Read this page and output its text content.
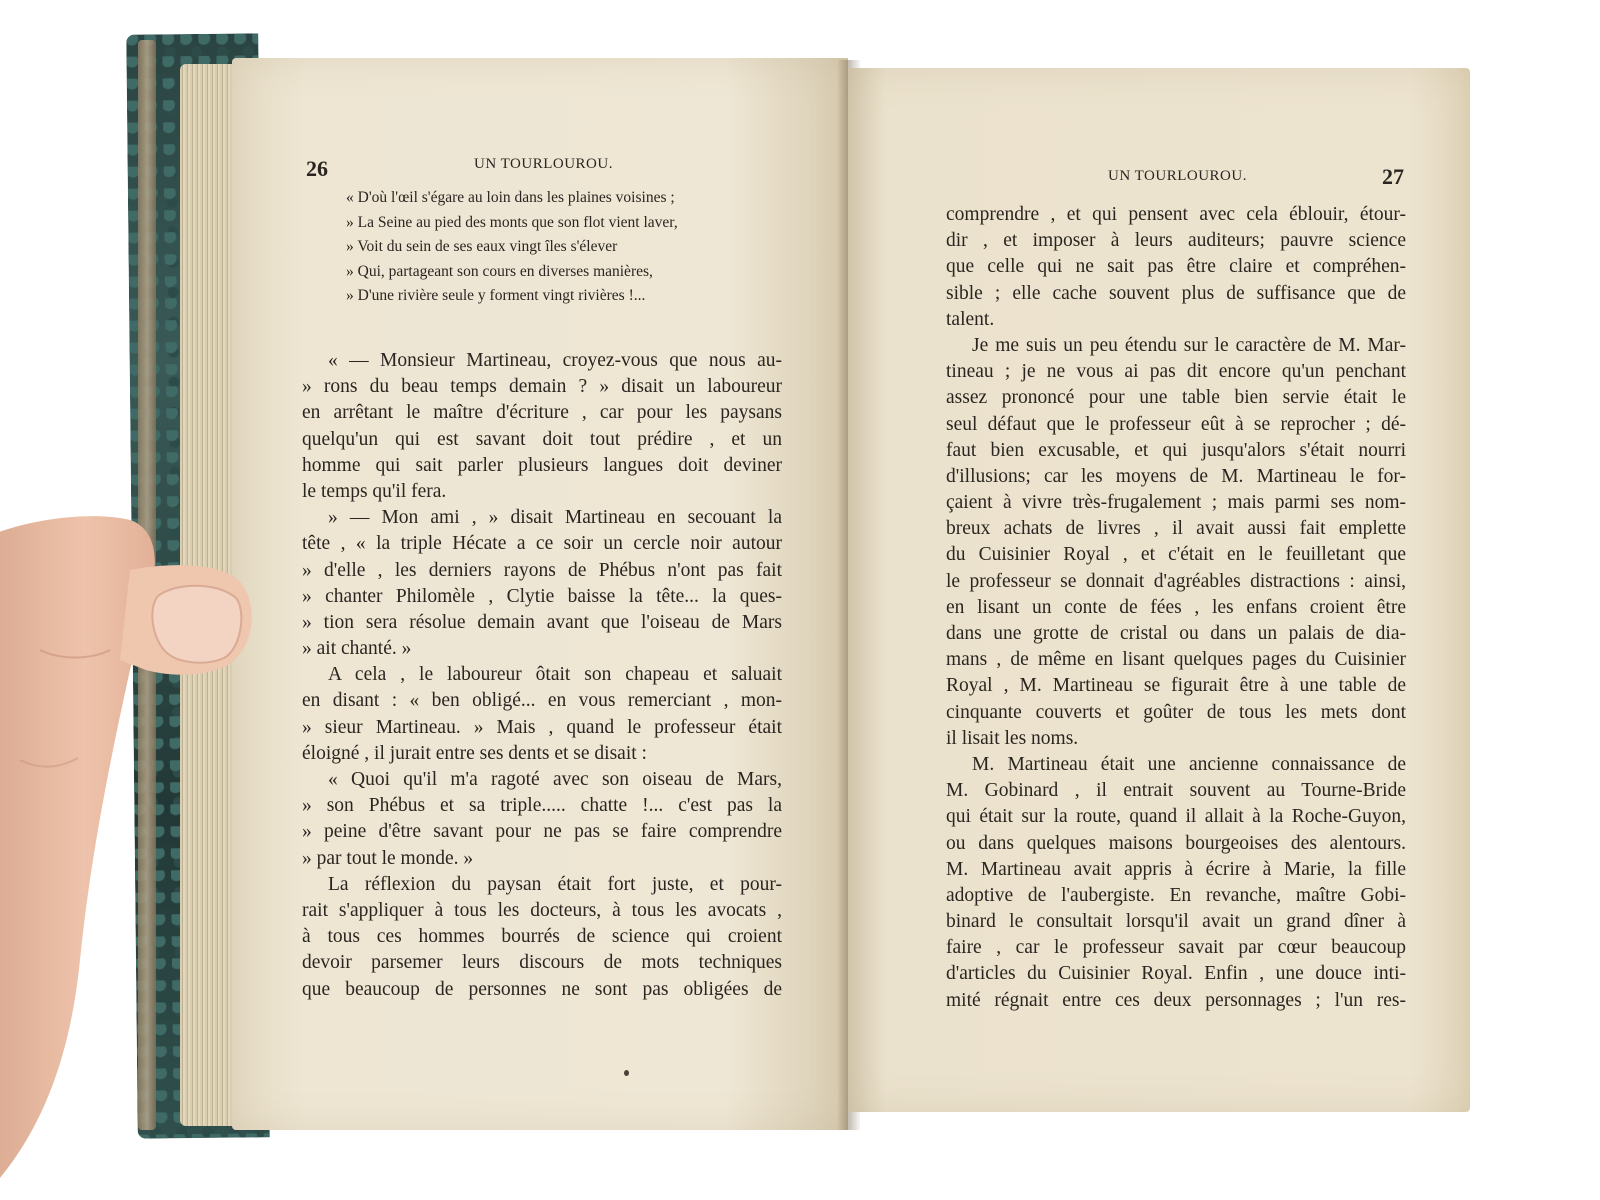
26	UN TOURLOUROU.
« D'où l'œil s'égare au loin dans les plaines voisines ;
» La Seine au pied des monts que son flot vient laver,
» Voit du sein de ses eaux vingt îles s'élever
» Qui, partageant son cours en diverses manières,
» D'une rivière seule y forment vingt rivières !...
« — Monsieur Martineau, croyez-vous que nous au-
» rons du beau temps demain ? » disait un laboureur
en arrêtant le maître d'écriture , car pour les paysans
quelqu'un qui est savant doit tout prédire , et un
homme qui sait parler plusieurs langues doit deviner
le temps qu'il fera.
» — Mon ami , » disait Martineau en secouant la
tête , « la triple Hécate a ce soir un cercle noir autour
» d'elle , les derniers rayons de Phébus n'ont pas fait
» chanter Philomèle , Clytie baisse la tête... la ques-
» tion sera résolue demain avant que l'oiseau de Mars
» ait chanté. »
A cela , le laboureur ôtait son chapeau et saluait
en disant : « ben obligé... en vous remerciant , mon-
» sieur Martineau. » Mais , quand le professeur était
éloigné , il jurait entre ses dents et se disait :
« Quoi qu'il m'a ragoté avec son oiseau de Mars,
» son Phébus et sa triple..... chatte !... c'est pas la
» peine d'être savant pour ne pas se faire comprendre
» par tout le monde. »
La réflexion du paysan était fort juste, et pour-
rait s'appliquer à tous les docteurs, à tous les avocats ,
à tous ces hommes bourrés de science qui croient
devoir parsemer leurs discours de mots techniques
que beaucoup de personnes ne sont pas obligées de
UN TOURLOUROU.	27
comprendre , et qui pensent avec cela éblouir, étour-
dir , et imposer à leurs auditeurs; pauvre science
que celle qui ne sait pas être claire et compréhen-
sible ; elle cache souvent plus de suffisance que de
talent.
Je me suis un peu étendu sur le caractère de M. Mar-
tineau ; je ne vous ai pas dit encore qu'un penchant
assez prononcé pour une table bien servie était le
seul défaut que le professeur eût à se reprocher ; dé-
faut bien excusable, et qui jusqu'alors s'était nourri
d'illusions; car les moyens de M. Martineau le for-
çaient à vivre très-frugalement ; mais parmi ses nom-
breux achats de livres , il avait aussi fait emplette
du Cuisinier Royal , et c'était en le feuilletant que
le professeur se donnait d'agréables distractions : ainsi,
en lisant un conte de fées , les enfans croient être
dans une grotte de cristal ou dans un palais de dia-
mans , de même en lisant quelques pages du Cuisinier
Royal , M. Martineau se figurait être à une table de
cinquante couverts et goûter de tous les mets dont
il lisait les noms.
M. Martineau était une ancienne connaissance de
M. Gobinard , il entrait souvent au Tourne-Bride
qui était sur la route, quand il allait à la Roche-Guyon,
ou dans quelques maisons bourgeoises des alentours.
M. Martineau avait appris à écrire à Marie, la fille
adoptive de l'aubergiste. En revanche, maître Gobi-
binard le consultait lorsqu'il avait un grand dîner à
faire , car le professeur savait par cœur beaucoup
d'articles du Cuisinier Royal. Enfin , une douce inti-
mité régnait entre ces deux personnages ; l'un res-
